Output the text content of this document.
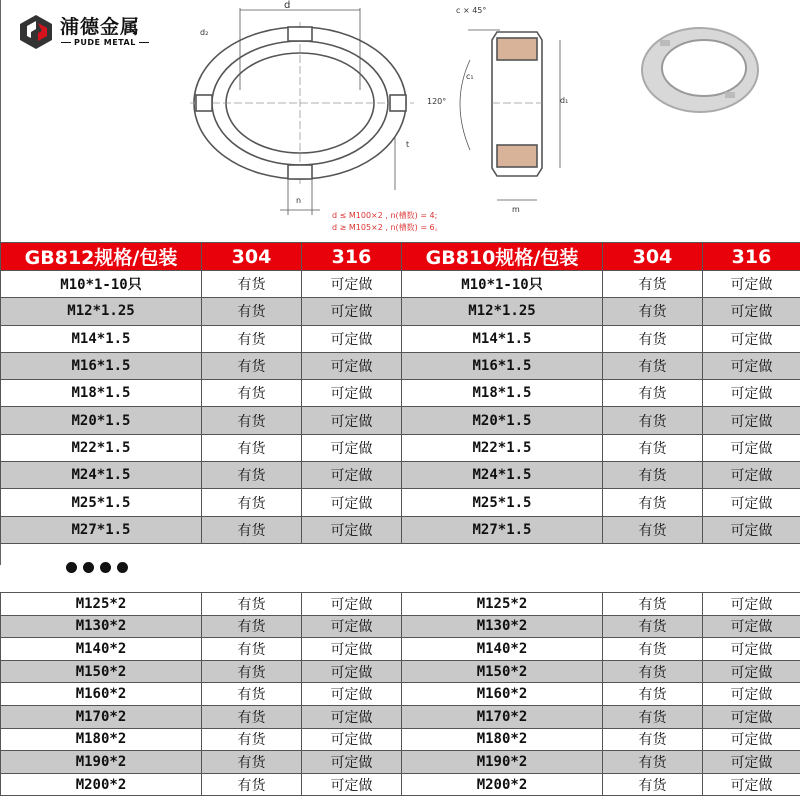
浦德金属
PUDE METAL
d
d₂
c₁
120°
t
n
m
d₁
c × 45°
d ≤ M100×2 , n(槽数) = 4;
d ≥ M105×2 , n(槽数) = 6。
GB812规格/包装	304	316	GB810规格/包装	304	316
M10*1-10只	有货	可定做	M10*1-10只	有货	可定做
M12*1.25	有货	可定做	M12*1.25	有货	可定做
M14*1.5	有货	可定做	M14*1.5	有货	可定做
M16*1.5	有货	可定做	M16*1.5	有货	可定做
M18*1.5	有货	可定做	M18*1.5	有货	可定做
M20*1.5	有货	可定做	M20*1.5	有货	可定做
M22*1.5	有货	可定做	M22*1.5	有货	可定做
M24*1.5	有货	可定做	M24*1.5	有货	可定做
M25*1.5	有货	可定做	M25*1.5	有货	可定做
M27*1.5	有货	可定做	M27*1.5	有货	可定做
M125*2	有货	可定做	M125*2	有货	可定做
M130*2	有货	可定做	M130*2	有货	可定做
M140*2	有货	可定做	M140*2	有货	可定做
M150*2	有货	可定做	M150*2	有货	可定做
M160*2	有货	可定做	M160*2	有货	可定做
M170*2	有货	可定做	M170*2	有货	可定做
M180*2	有货	可定做	M180*2	有货	可定做
M190*2	有货	可定做	M190*2	有货	可定做
M200*2	有货	可定做	M200*2	有货	可定做
